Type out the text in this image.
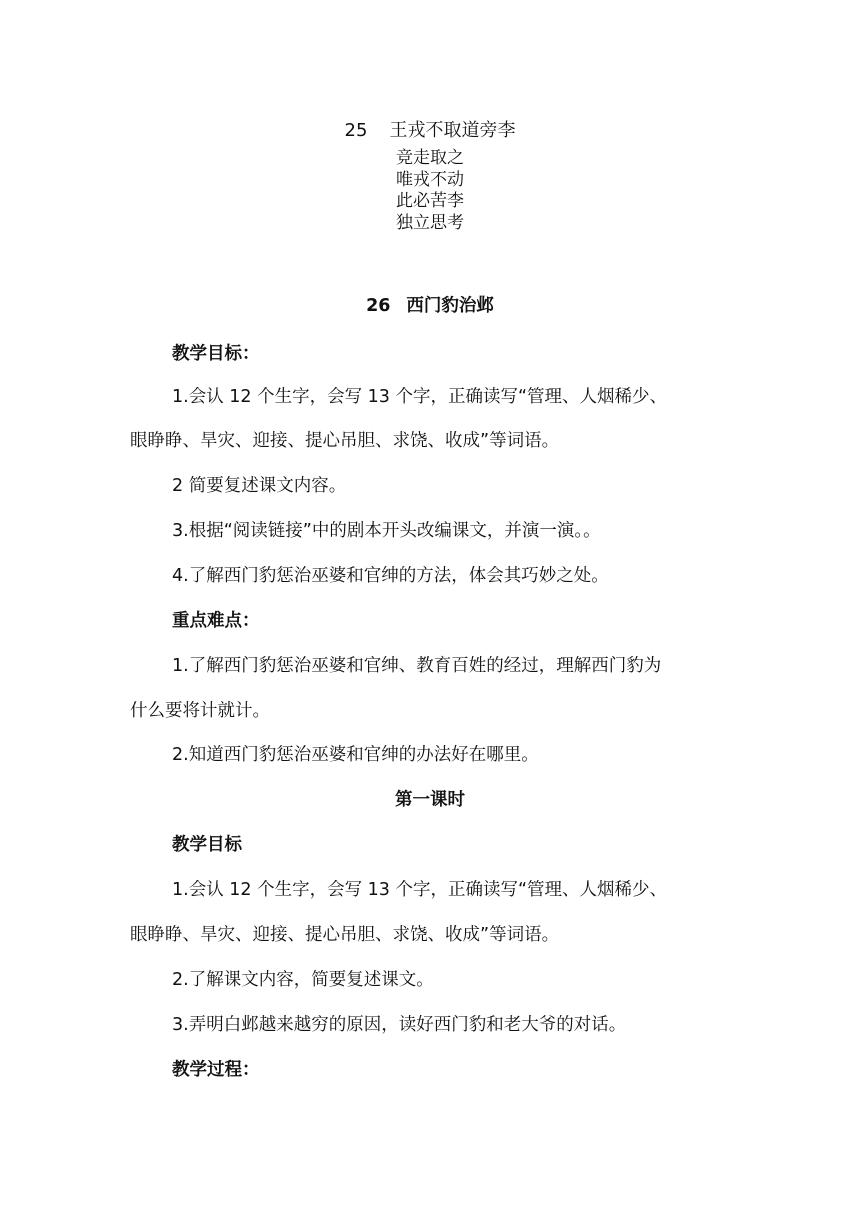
25 王戎不取道旁李
竞走取之
唯戎不动
此必苦李
独立思考
26 西门豹治邺
教学目标：
1.会认 12 个生字，会写 13 个字，正确读写“管理、人烟稀少、
眼睁睁、旱灾、迎接、提心吊胆、求饶、收成”等词语。
2 简要复述课文内容。
3.根据“阅读链接”中的剧本开头改编课文，并演一演。。
4.了解西门豹惩治巫婆和官绅的方法，体会其巧妙之处。
重点难点：
1.了解西门豹惩治巫婆和官绅、教育百姓的经过，理解西门豹为
什么要将计就计。
2.知道西门豹惩治巫婆和官绅的办法好在哪里。
第一课时
教学目标
1.会认 12 个生字，会写 13 个字，正确读写“管理、人烟稀少、
眼睁睁、旱灾、迎接、提心吊胆、求饶、收成”等词语。
2.了解课文内容，简要复述课文。
3.弄明白邺越来越穷的原因，读好西门豹和老大爷的对话。
教学过程：
